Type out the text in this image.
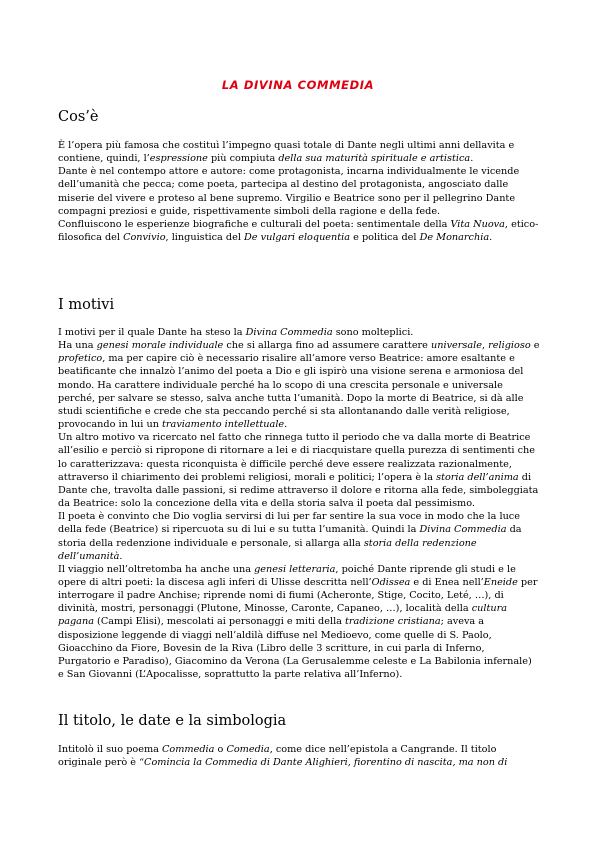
LA DIVINA COMMEDIA
Cos’è

È l’opera più famosa che costituì l’impegno quasi totale di Dante negli ultimi anni dellavita e contiene, quindi, l’espressione più compiuta della sua maturità spirituale e artistica.

Dante è nel contempo attore e autore: come protagonista, incarna individualmente le vicende dell’umanità che pecca; come poeta, partecipa al destino del protagonista, angosciato dalle miserie del vivere e proteso al bene supremo. Virgilio e Beatrice sono per il pellegrino Dante compagni preziosi e guide, rispettivamente simboli della ragione e della fede.

Confluiscono le esperienze biografiche e culturali del poeta: sentimentale della Vita Nuova, etico-filosofica del Convivio, linguistica del De vulgari eloquentia e politica del De Monarchia.

I motivi

I motivi per il quale Dante ha steso la Divina Commedia sono molteplici.

Ha una genesi morale individuale che si allarga fino ad assumere carattere universale, religioso e profetico, ma per capire ciò è necessario risalire all’amore verso Beatrice: amore esaltante e beatificante che innalzò l’animo del poeta a Dio e gli ispirò una visione serena e armoniosa del mondo. Ha carattere individuale perché ha lo scopo di una crescita personale e universale perché, per salvare se stesso, salva anche tutta l’umanità. Dopo la morte di Beatrice, si dà alle studi scientifiche e crede che sta peccando perché si sta allontanando dalle verità religiose, provocando in lui un traviamento intellettuale.

Un altro motivo va ricercato nel fatto che rinnega tutto il periodo che va dalla morte di Beatrice all’esilio e perciò si ripropone di ritornare a lei e di riacquistare quella purezza di sentimenti che lo caratterizzava: questa riconquista è difficile perché deve essere realizzata razionalmente, attraverso il chiarimento dei problemi religiosi, morali e politici; l’opera è la storia dell’anima di Dante che, travolta dalle passioni, si redime attraverso il dolore e ritorna alla fede, simboleggiata da Beatrice: solo la concezione della vita e della storia salva il poeta dal pessimismo.

Il poeta è convinto che Dio voglia servirsi di lui per far sentire la sua voce in modo che la luce della fede (Beatrice) si ripercuota su di lui e su tutta l’umanità. Quindi la Divina Commedia da storia della redenzione individuale e personale, si allarga alla storia della redenzione dell’umanità.

Il viaggio nell’oltretomba ha anche una genesi letteraria, poiché Dante riprende gli studi e le opere di altri poeti: la discesa agli inferi di Ulisse descritta nell’Odissea e di Enea nell’Eneide per interrogare il padre Anchise; riprende nomi di fiumi (Acheronte, Stige, Cocito, Leté, …), di divinità, mostri, personaggi (Plutone, Minosse, Caronte, Capaneo, …), località della cultura pagana (Campi Elisi), mescolati ai personaggi e miti della tradizione cristiana; aveva a disposizione leggende di viaggi nell’aldilà diffuse nel Medioevo, come quelle di S. Paolo, Gioacchino da Fiore, Bovesin de la Riva (Libro delle 3 scritture, in cui parla di Inferno, Purgatorio e Paradiso), Giacomino da Verona (La Gerusalemme celeste e La Babilonia infernale) e San Giovanni (L’Apocalisse, soprattutto la parte relativa all’Inferno).

Il titolo, le date e la simbologia

Intitolò il suo poema Commedia o Comedia, come dice nell’epistola a Cangrande. Il titolo originale però è “Comincia la Commedia di Dante Alighieri, fiorentino di nascita, ma non di
